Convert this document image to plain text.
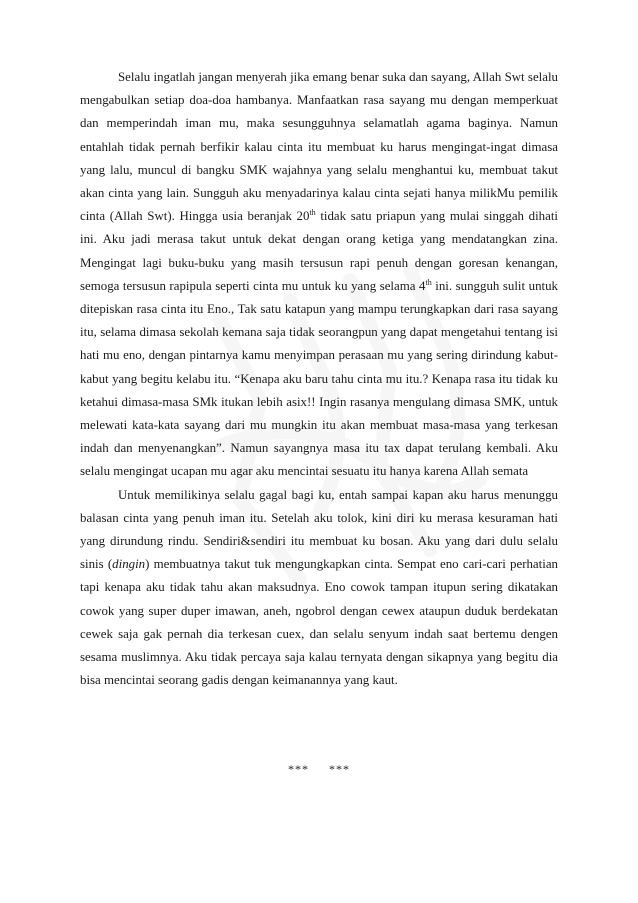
Selalu ingatlah jangan menyerah jika emang benar suka dan sayang, Allah Swt selalu mengabulkan setiap doa-doa hambanya. Manfaatkan rasa sayang mu dengan memperkuat dan memperindah iman mu, maka sesungguhnya selamatlah agama baginya. Namun entahlah tidak pernah berfikir kalau cinta itu membuat ku harus mengingat-ingat dimasa yang lalu, muncul di bangku SMK wajahnya yang selalu menghantui ku, membuat takut akan cinta yang lain. Sungguh aku menyadarinya kalau cinta sejati hanya milikMu pemilik cinta (Allah Swt). Hingga usia beranjak 20th tidak satu priapun yang mulai singgah dihati ini. Aku jadi merasa takut untuk dekat dengan orang ketiga yang mendatangkan zina. Mengingat lagi buku-buku yang masih tersusun rapi penuh dengan goresan kenangan, semoga tersusun rapipula seperti cinta mu untuk ku yang selama 4th ini. sungguh sulit untuk ditepiskan rasa cinta itu Eno., Tak satu katapun yang mampu terungkapkan dari rasa sayang itu, selama dimasa sekolah kemana saja tidak seorangpun yang dapat mengetahui tentang isi hati mu eno, dengan pintarnya kamu menyimpan perasaan mu yang sering dirindung kabut-kabut yang begitu kelabu itu. “Kenapa aku baru tahu cinta mu itu.? Kenapa rasa itu tidak ku ketahui dimasa-masa SMk itukan lebih asix!! Ingin rasanya mengulang dimasa SMK, untuk melewati kata-kata sayang dari mu mungkin itu akan membuat masa-masa yang terkesan indah dan menyenangkan”. Namun sayangnya masa itu tax dapat terulang kembali. Aku selalu mengingat ucapan mu agar aku mencintai sesuatu itu hanya karena Allah semata

Untuk memilikinya selalu gagal bagi ku, entah sampai kapan aku harus menunggu balasan cinta yang penuh iman itu. Setelah aku tolok, kini diri ku merasa kesuraman hati yang dirundung rindu. Sendiri&sendiri itu membuat ku bosan. Aku yang dari dulu selalu sinis (dingin) membuatnya takut tuk mengungkapkan cinta. Sempat eno cari-cari perhatian tapi kenapa aku tidak tahu akan maksudnya. Eno cowok tampan itupun sering dikatakan cowok yang super duper imawan, aneh, ngobrol dengan cewex ataupun duduk berdekatan cewek saja gak pernah dia terkesan cuex, dan selalu senyum indah saat bertemu dengen sesama muslimnya. Aku tidak percaya saja kalau ternyata dengan sikapnya yang begitu dia bisa mencintai seorang gadis dengan keimanannya yang kaut.

*** ***
